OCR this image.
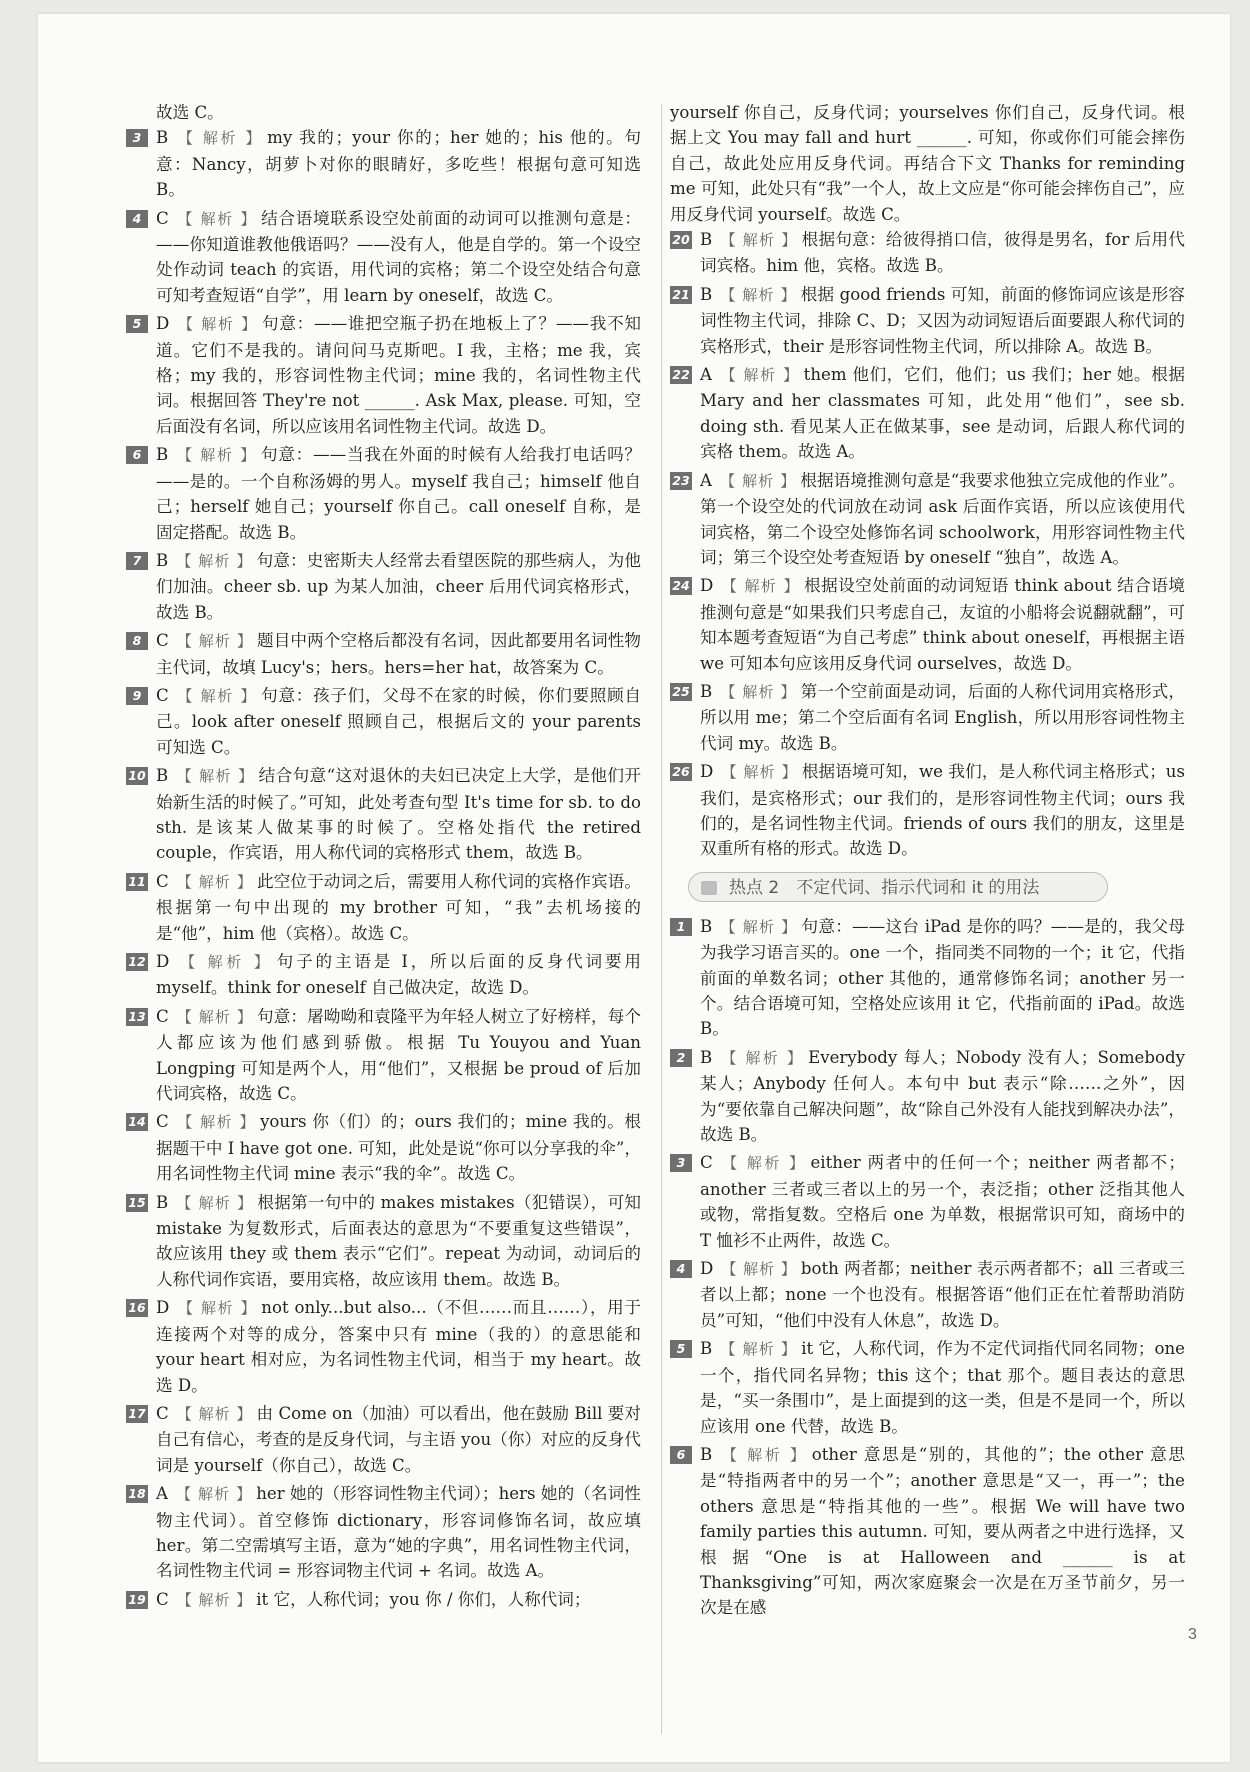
故选 C。
3 B 【 解析 】 my 我的；your 你的；her 她的；his 他的。句意：Nancy，胡萝卜对你的眼睛好，多吃些！根据句意可知选 B。
4 C 【 解析 】 结合语境联系设空处前面的动词可以推测句意是：——你知道谁教他俄语吗？——没有人，他是自学的。第一个设空处作动词 teach 的宾语，用代词的宾格；第二个设空处结合句意可知考查短语“自学”，用 learn by oneself，故选 C。
5 D 【 解析 】 句意：——谁把空瓶子扔在地板上了？——我不知道。它们不是我的。请问问马克斯吧。I 我，主格；me 我，宾格；my 我的，形容词性物主代词；mine 我的，名词性物主代词。根据回答 They're not ______. Ask Max, please. 可知，空后面没有名词，所以应该用名词性物主代词。故选 D。
6 B 【 解析 】 句意：——当我在外面的时候有人给我打电话吗？——是的。一个自称汤姆的男人。myself 我自己；himself 他自己；herself 她自己；yourself 你自己。call oneself 自称，是固定搭配。故选 B。
7 B 【 解析 】 句意：史密斯夫人经常去看望医院的那些病人，为他们加油。cheer sb. up 为某人加油，cheer 后用代词宾格形式，故选 B。
8 C 【 解析 】 题目中两个空格后都没有名词，因此都要用名词性物主代词，故填 Lucy's；hers。hers=her hat，故答案为 C。
9 C 【 解析 】 句意：孩子们，父母不在家的时候，你们要照顾自己。look after oneself 照顾自己，根据后文的 your parents 可知选 C。
10 B 【 解析 】 结合句意“这对退休的夫妇已决定上大学，是他们开始新生活的时候了。”可知，此处考查句型 It's time for sb. to do sth. 是该某人做某事的时候了。空格处指代 the retired couple，作宾语，用人称代词的宾格形式 them，故选 B。
11 C 【 解析 】 此空位于动词之后，需要用人称代词的宾格作宾语。根据第一句中出现的 my brother 可知，“我”去机场接的是“他”，him 他（宾格）。故选 C。
12 D 【 解析 】 句子的主语是 I，所以后面的反身代词要用 myself。think for oneself 自己做决定，故选 D。
13 C 【 解析 】 句意：屠呦呦和袁隆平为年轻人树立了好榜样，每个人都应该为他们感到骄傲。根据 Tu Youyou and Yuan Longping 可知是两个人，用“他们”，又根据 be proud of 后加代词宾格，故选 C。
14 C 【 解析 】 yours 你（们）的；ours 我们的；mine 我的。根据题干中 I have got one. 可知，此处是说“你可以分享我的伞”，用名词性物主代词 mine 表示“我的伞”。故选 C。
15 B 【 解析 】 根据第一句中的 makes mistakes（犯错误），可知 mistake 为复数形式，后面表达的意思为“不要重复这些错误”，故应该用 they 或 them 表示“它们”。repeat 为动词，动词后的人称代词作宾语，要用宾格，故应该用 them。故选 B。
16 D 【 解析 】 not only...but also...（不但……而且……），用于连接两个对等的成分，答案中只有 mine（我的）的意思能和 your heart 相对应，为名词性物主代词，相当于 my heart。故选 D。
17 C 【 解析 】 由 Come on（加油）可以看出，他在鼓励 Bill 要对自己有信心，考查的是反身代词，与主语 you（你）对应的反身代词是 yourself（你自己），故选 C。
18 A 【 解析 】 her 她的（形容词性物主代词）；hers 她的（名词性物主代词）。首空修饰 dictionary，形容词修饰名词，故应填 her。第二空需填写主语，意为“她的字典”，用名词性物主代词，名词性物主代词 = 形容词物主代词 + 名词。故选 A。
19 C 【 解析 】 it 它，人称代词；you 你 / 你们，人称代词；
yourself 你自己，反身代词；yourselves 你们自己，反身代词。根据上文 You may fall and hurt ______. 可知，你或你们可能会摔伤自己，故此处应用反身代词。再结合下文 Thanks for reminding me 可知，此处只有“我”一个人，故上文应是“你可能会摔伤自己”，应用反身代词 yourself。故选 C。
20 B 【 解析 】 根据句意：给彼得捎口信，彼得是男名，for 后用代词宾格。him 他，宾格。故选 B。
21 B 【 解析 】 根据 good friends 可知，前面的修饰词应该是形容词性物主代词，排除 C、D；又因为动词短语后面要跟人称代词的宾格形式，their 是形容词性物主代词，所以排除 A。故选 B。
22 A 【 解析 】 them 他们，它们，他们；us 我们；her 她。根据 Mary and her classmates 可知，此处用“他们”，see sb. doing sth. 看见某人正在做某事，see 是动词，后跟人称代词的宾格 them。故选 A。
23 A 【 解析 】 根据语境推测句意是“我要求他独立完成他的作业”。第一个设空处的代词放在动词 ask 后面作宾语，所以应该使用代词宾格，第二个设空处修饰名词 schoolwork，用形容词性物主代词；第三个设空处考查短语 by oneself “独自”，故选 A。
24 D 【 解析 】 根据设空处前面的动词短语 think about 结合语境推测句意是“如果我们只考虑自己，友谊的小船将会说翻就翻”，可知本题考查短语“为自己考虑” think about oneself，再根据主语 we 可知本句应该用反身代词 ourselves，故选 D。
25 B 【 解析 】 第一个空前面是动词，后面的人称代词用宾格形式，所以用 me；第二个空后面有名词 English，所以用形容词性物主代词 my。故选 B。
26 D 【 解析 】 根据语境可知，we 我们，是人称代词主格形式；us 我们，是宾格形式；our 我们的，是形容词性物主代词；ours 我们的，是名词性物主代词。friends of ours 我们的朋友，这里是双重所有格的形式。故选 D。
热点 2　不定代词、指示代词和 it 的用法
1 B 【 解析 】 句意：——这台 iPad 是你的吗？——是的，我父母为我学习语言买的。one 一个，指同类不同物的一个；it 它，代指前面的单数名词；other 其他的，通常修饰名词；another 另一个。结合语境可知，空格处应该用 it 它，代指前面的 iPad。故选 B。
2 B 【 解析 】 Everybody 每人；Nobody 没有人；Somebody 某人；Anybody 任何人。本句中 but 表示“除……之外”，因为“要依靠自己解决问题”，故“除自己外没有人能找到解决办法”，故选 B。
3 C 【 解析 】 either 两者中的任何一个；neither 两者都不；another 三者或三者以上的另一个，表泛指；other 泛指其他人或物，常指复数。空格后 one 为单数，根据常识可知，商场中的 T 恤衫不止两件，故选 C。
4 D 【 解析 】 both 两者都；neither 表示两者都不；all 三者或三者以上都；none 一个也没有。根据答语“他们正在忙着帮助消防员”可知，“他们中没有人休息”，故选 D。
5 B 【 解析 】 it 它，人称代词，作为不定代词指代同名同物；one 一个，指代同名异物；this 这个；that 那个。题目表达的意思是，“买一条围巾”，是上面提到的这一类，但是不是同一个，所以应该用 one 代替，故选 B。
6 B 【 解析 】 other 意思是“别的，其他的”；the other 意思是“特指两者中的另一个”；another 意思是“又一，再一”；the others 意思是“特指其他的一些”。根据 We will have two family parties this autumn. 可知，要从两者之中进行选择，又根据“One is at Halloween and ______ is at Thanksgiving”可知，两次家庭聚会一次是在万圣节前夕，另一次是在感
3
